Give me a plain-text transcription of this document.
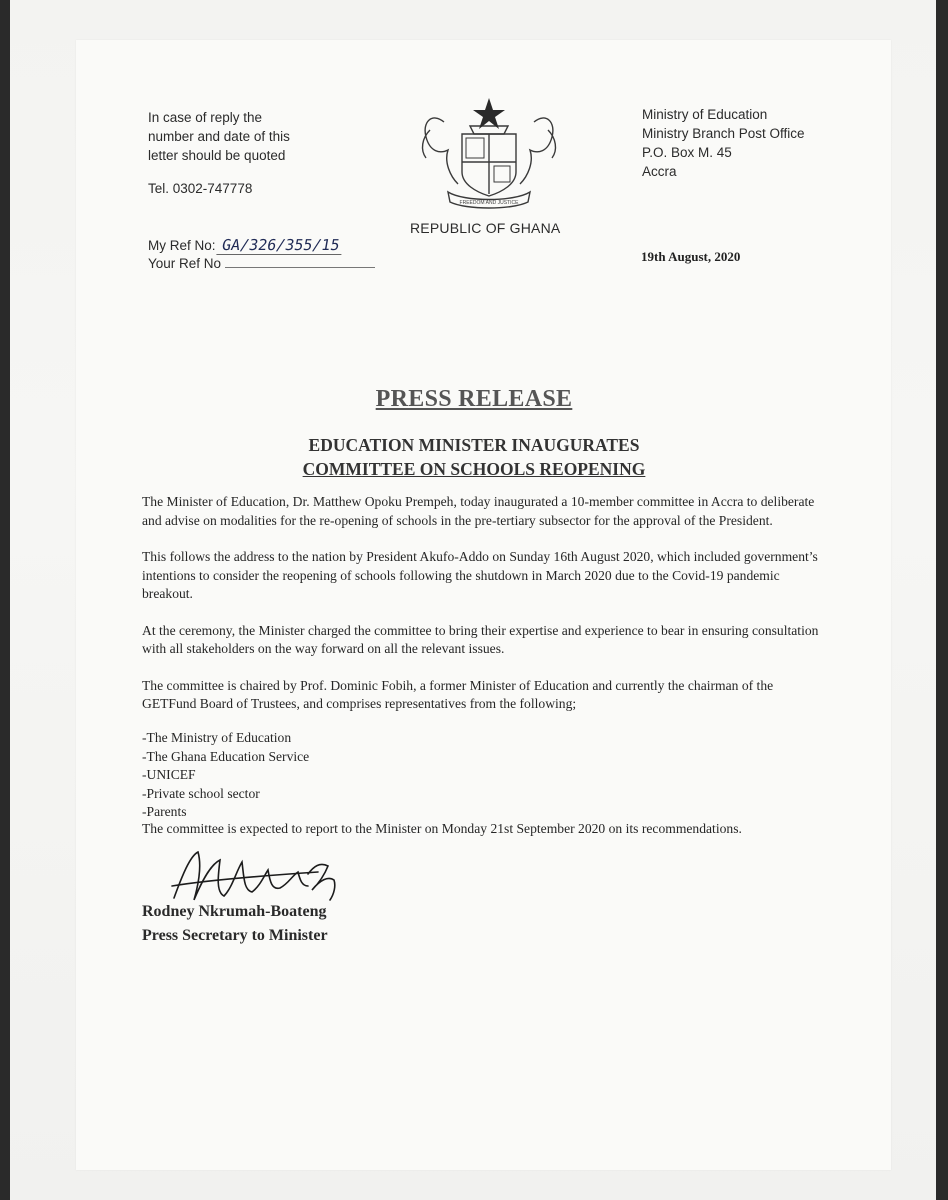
In case of reply the
number and date of this
letter should be quoted
Tel. 0302-747778
My Ref No: GA/326/355/15
Your Ref No
FREEDOM AND JUSTICE
REPUBLIC OF GHANA
Ministry of Education
Ministry Branch Post Office
P.O. Box M. 45
Accra
19th August, 2020
PRESS RELEASE
EDUCATION MINISTER INAUGURATES
COMMITTEE ON SCHOOLS REOPENING

The Minister of Education, Dr. Matthew Opoku Prempeh, today inaugurated a 10-member committee in Accra to deliberate and advise on modalities for the re-opening of schools in the pre-tertiary subsector for the approval of the President.

This follows the address to the nation by President Akufo-Addo on Sunday 16th August 2020, which included government’s intentions to consider the reopening of schools following the shutdown in March 2020 due to the Covid-19 pandemic breakout.

At the ceremony, the Minister charged the committee to bring their expertise and experience to bear in ensuring consultation with all stakeholders on the way forward on all the relevant issues.

The committee is chaired by Prof. Dominic Fobih, a former Minister of Education and currently the chairman of the GETFund Board of Trustees, and comprises representatives from the following;

-The Ministry of Education
-The Ghana Education Service
-UNICEF
-Private school sector
-Parents
The committee is expected to report to the Minister on Monday 21st September 2020 on its recommendations.
Rodney Nkrumah-Boateng
Press Secretary to Minister
